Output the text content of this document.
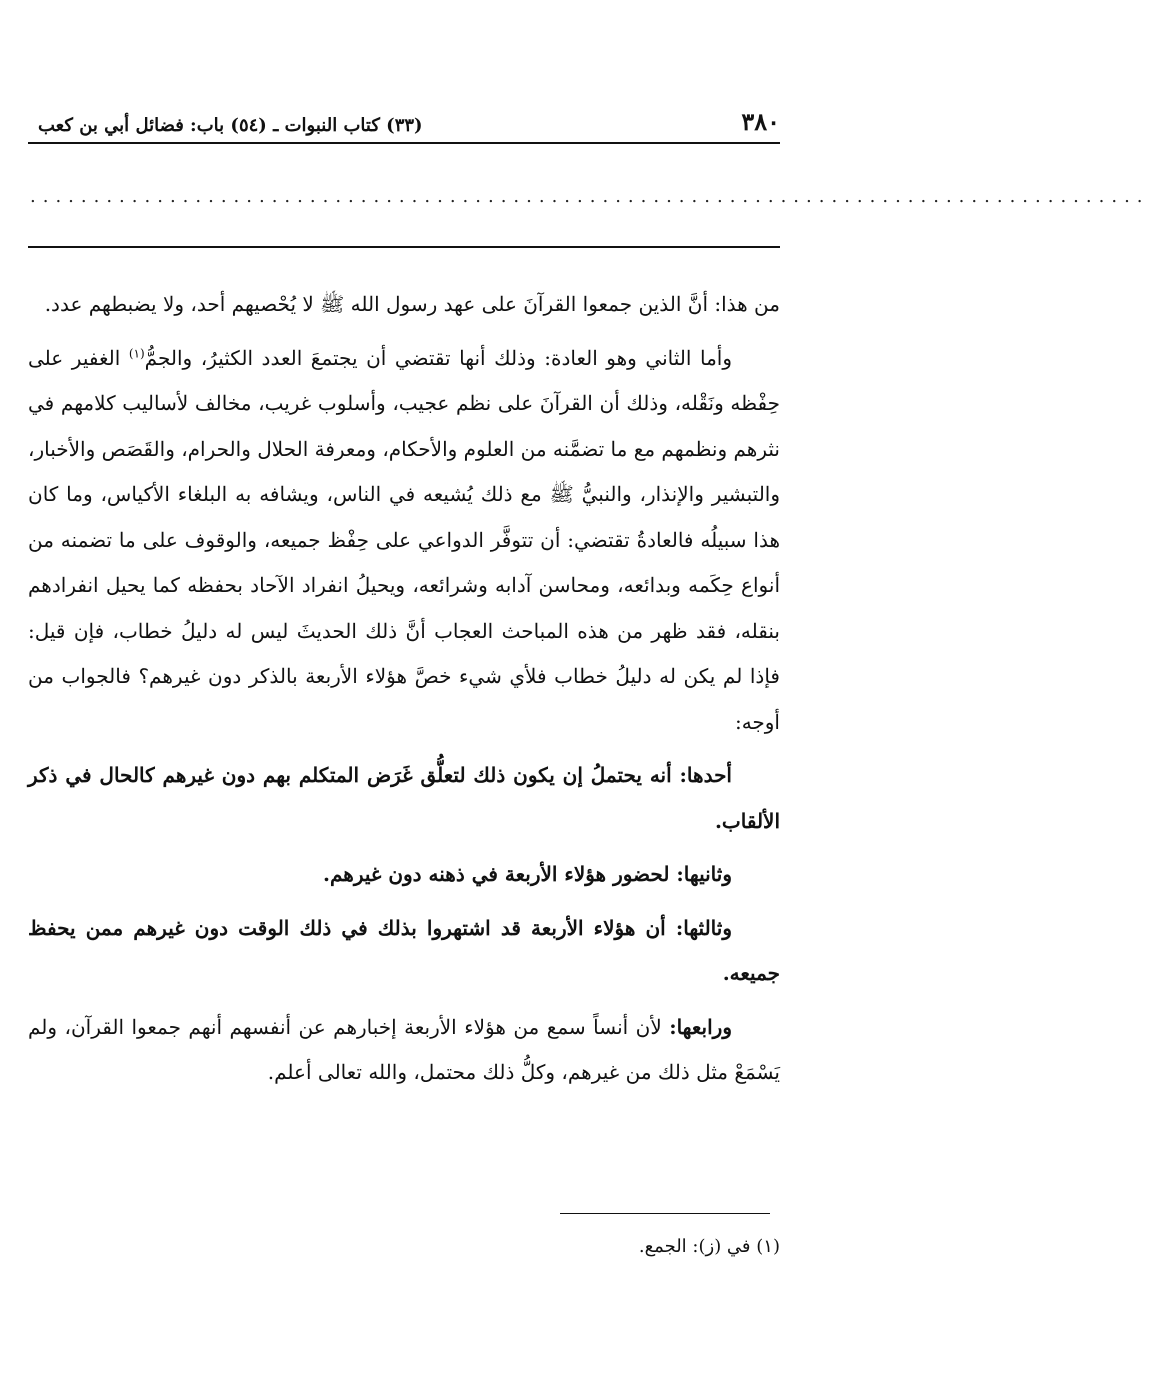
٣٨٠
(٣٣) كتاب النبوات ـ (٥٤) باب: فضائل أبي بن كعب
........................................................................................

من هذا: أنَّ الذين جمعوا القرآنَ على عهد رسول الله ﷺ لا يُحْصيهم أحد، ولا يضبطهم عدد.

وأما الثاني وهو العادة: وذلك أنها تقتضي أن يجتمعَ العدد الكثيرُ، والجمُّ$^{(١)}$ الغفير على حِفْظه ونَقْله، وذلك أن القرآنَ على نظم عجيب، وأسلوب غريب، مخالف لأساليب كلامهم في نثرهم ونظمهم مع ما تضمَّنه من العلوم والأحكام، ومعرفة الحلال والحرام، والقَصَص والأخبار، والتبشير والإنذار، والنبيُّ ﷺ مع ذلك يُشيعه في الناس، ويشافه به البلغاء الأكياس، وما كان هذا سبيلُه فالعادةُ تقتضي: أن تتوفَّر الدواعي على حِفْظ جميعه، والوقوف على ما تضمنه من أنواع حِكَمه وبدائعه، ومحاسن آدابه وشرائعه، ويحيلُ انفراد الآحاد بحفظه كما يحيل انفرادهم بنقله، فقد ظهر من هذه المباحث العجاب أنَّ ذلك الحديثَ ليس له دليلُ خطاب، فإن قيل: فإذا لم يكن له دليلُ خطاب فلأي شيء خصَّ هؤلاء الأربعة بالذكر دون غيرهم؟ فالجواب من أوجه:

أحدها: أنه يحتملُ إن يكون ذلك لتعلُّق غَرَض المتكلم بهم دون غيرهم كالحال في ذكر الألقاب.

وثانيها: لحضور هؤلاء الأربعة في ذهنه دون غيرهم.

وثالثها: أن هؤلاء الأربعة قد اشتهروا بذلك في ذلك الوقت دون غيرهم ممن يحفظ جميعه.

ورابعها: لأن أنساً سمع من هؤلاء الأربعة إخبارهم عن أنفسهم أنهم جمعوا القرآن، ولم يَسْمَعْ مثل ذلك من غيرهم، وكلُّ ذلك محتمل، والله تعالى أعلم.

(١) في (ز): الجمع.
